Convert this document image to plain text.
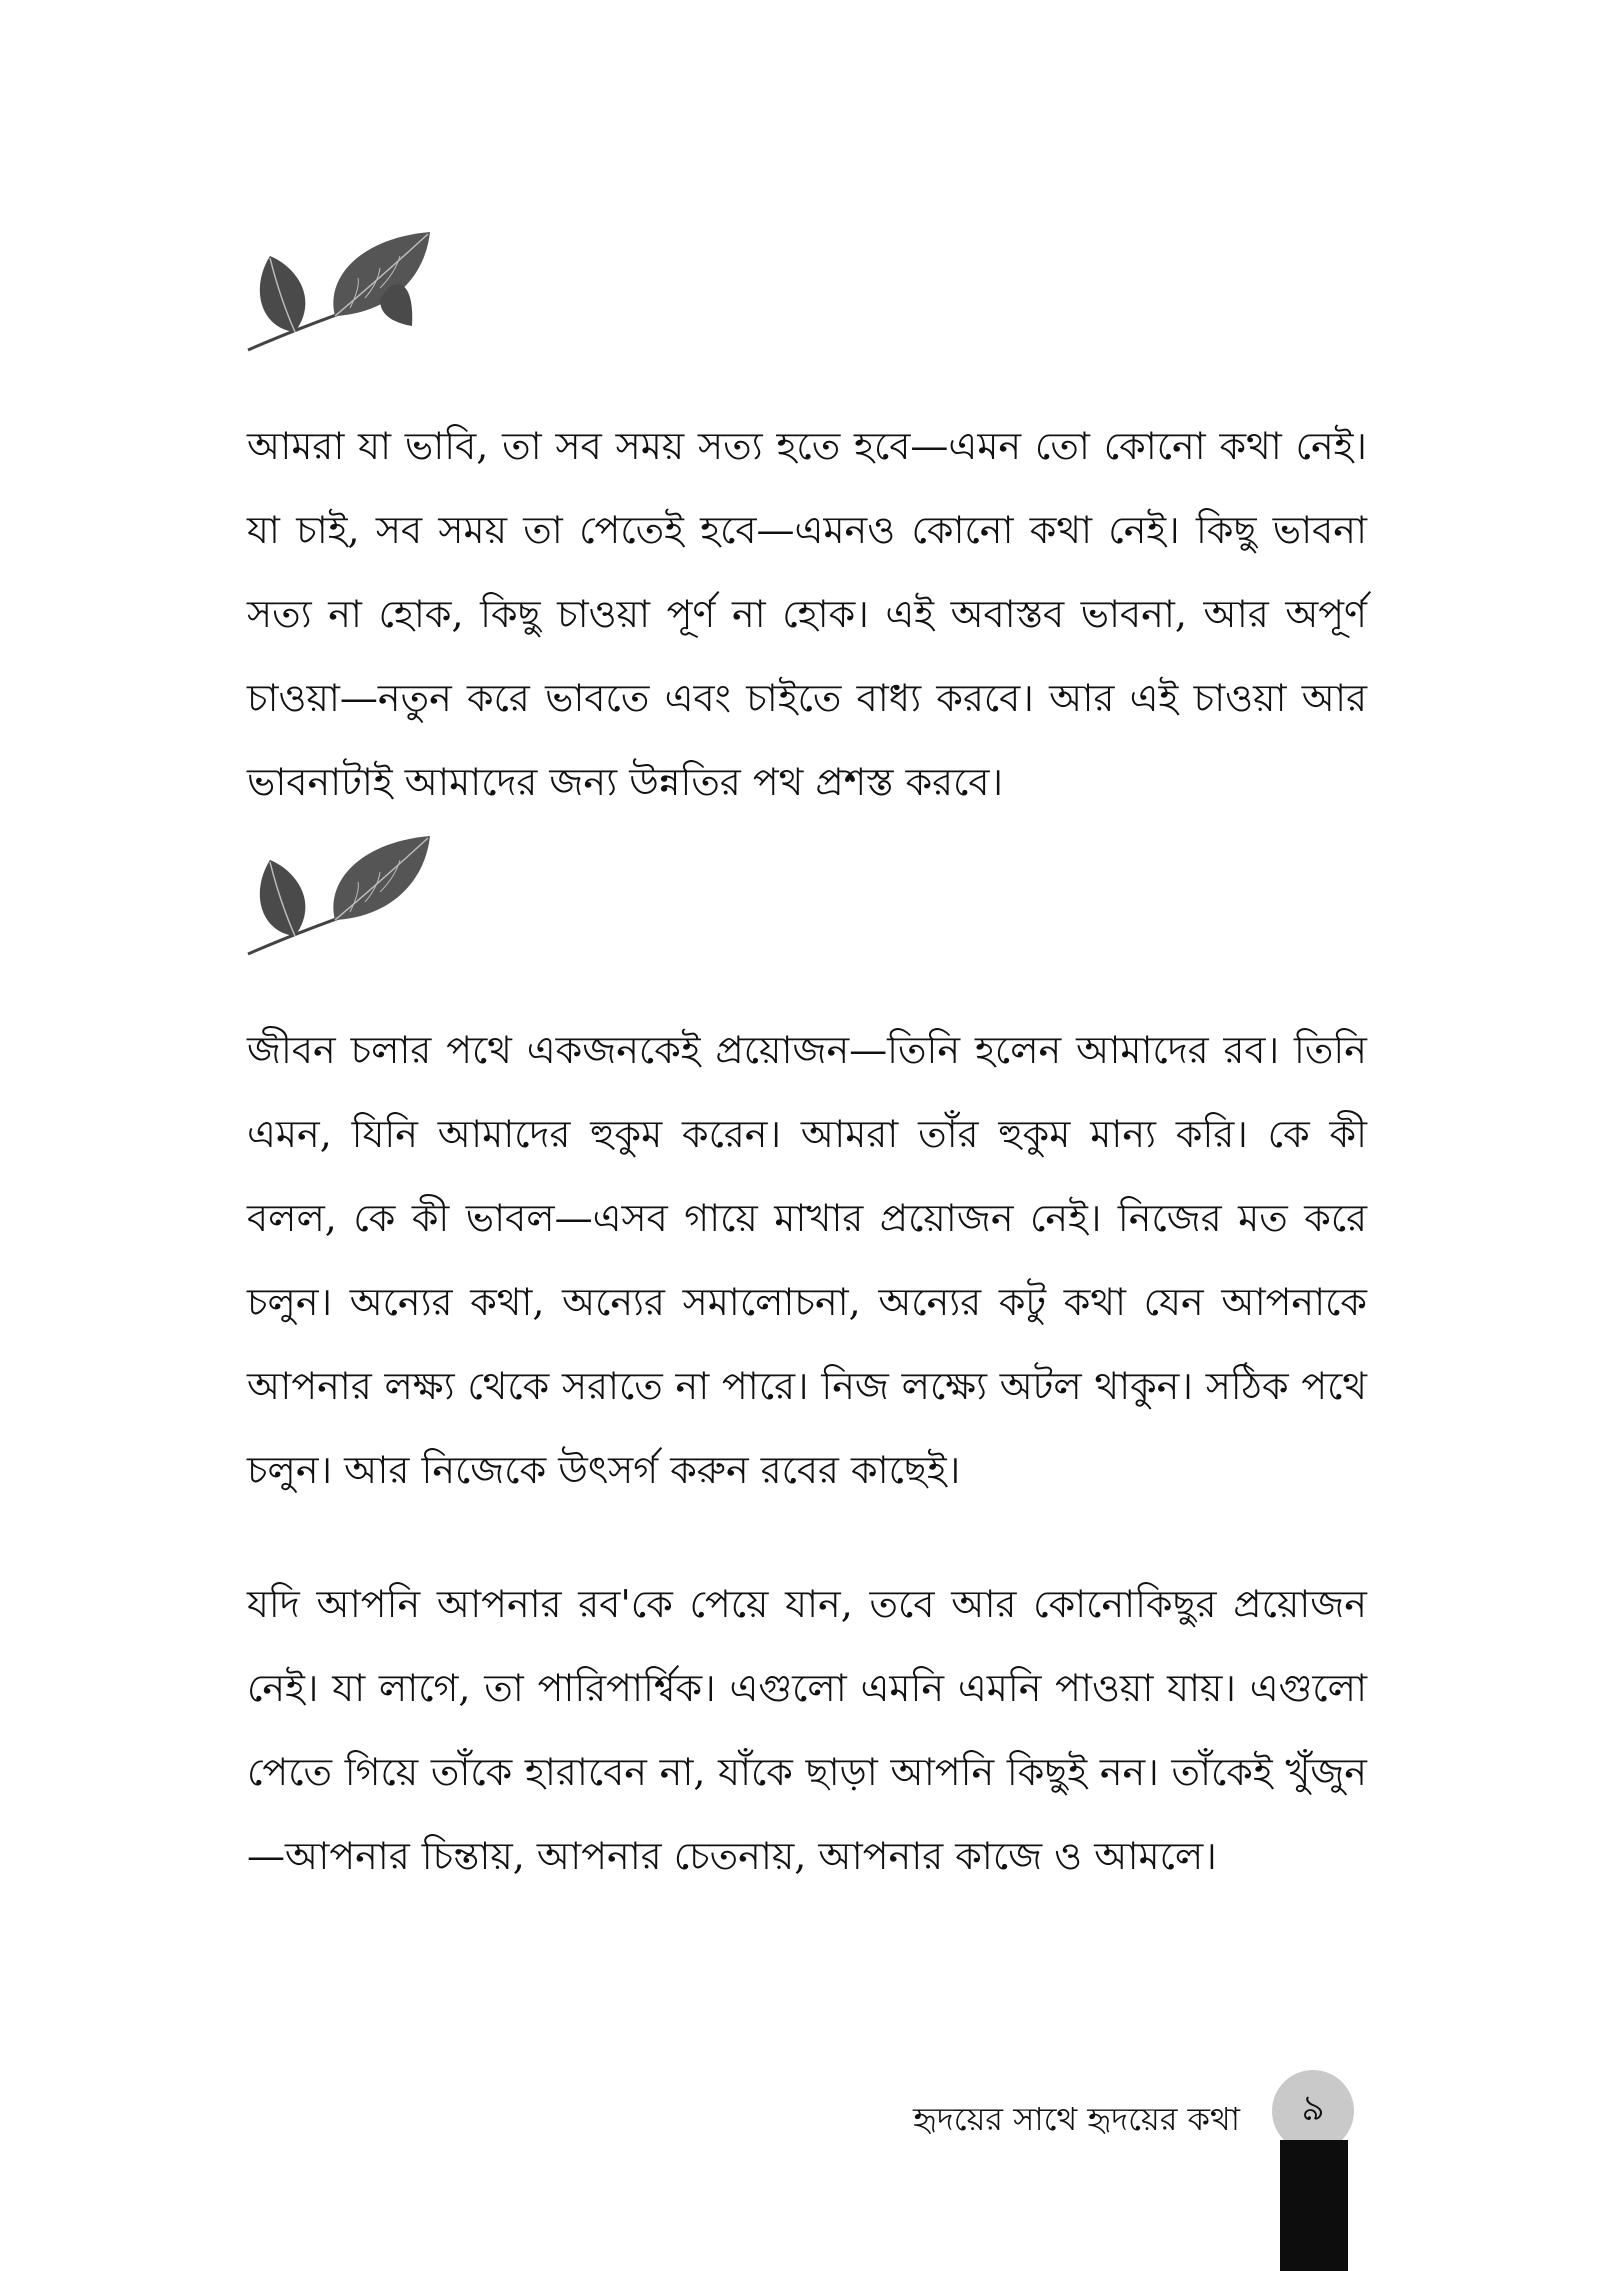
আমরা যা ভাবি, তা সব সময় সত্য হতে হবে—এমন তো কোনো কথা নেই। যা চাই, সব সময় তা পেতেই হবে—এমনও কোনো কথা নেই। কিছু ভাবনা সত্য না হোক, কিছু চাওয়া পূর্ণ না হোক। এই অবাস্তব ভাবনা, আর অপূর্ণ চাওয়া—নতুন করে ভাবতে এবং চাইতে বাধ্য করবে। আর এই চাওয়া আর ভাবনাটাই আমাদের জন্য উন্নতির পথ প্রশস্ত করবে।

জীবন চলার পথে একজনকেই প্রয়োজন—তিনি হলেন আমাদের রব। তিনি এমন, যিনি আমাদের হুকুম করেন। আমরা তাঁর হুকুম মান্য করি। কে কী বলল, কে কী ভাবল—এসব গায়ে মাখার প্রয়োজন নেই। নিজের মত করে চলুন। অন্যের কথা, অন্যের সমালোচনা, অন্যের কটু কথা যেন আপনাকে আপনার লক্ষ্য থেকে সরাতে না পারে। নিজ লক্ষ্যে অটল থাকুন। সঠিক পথে চলুন। আর নিজেকে উৎসর্গ করুন রবের কাছেই।

যদি আপনি আপনার রব'কে পেয়ে যান, তবে আর কোনোকিছুর প্রয়োজন নেই। যা লাগে, তা পারিপার্শ্বিক। এগুলো এমনি এমনি পাওয়া যায়। এগুলো পেতে গিয়ে তাঁকে হারাবেন না, যাঁকে ছাড়া আপনি কিছুই নন। তাঁকেই খুঁজুন—আপনার চিন্তায়, আপনার চেতনায়, আপনার কাজে ও আমলে।

হৃদয়ের সাথে হৃদয়ের কথা ৯
